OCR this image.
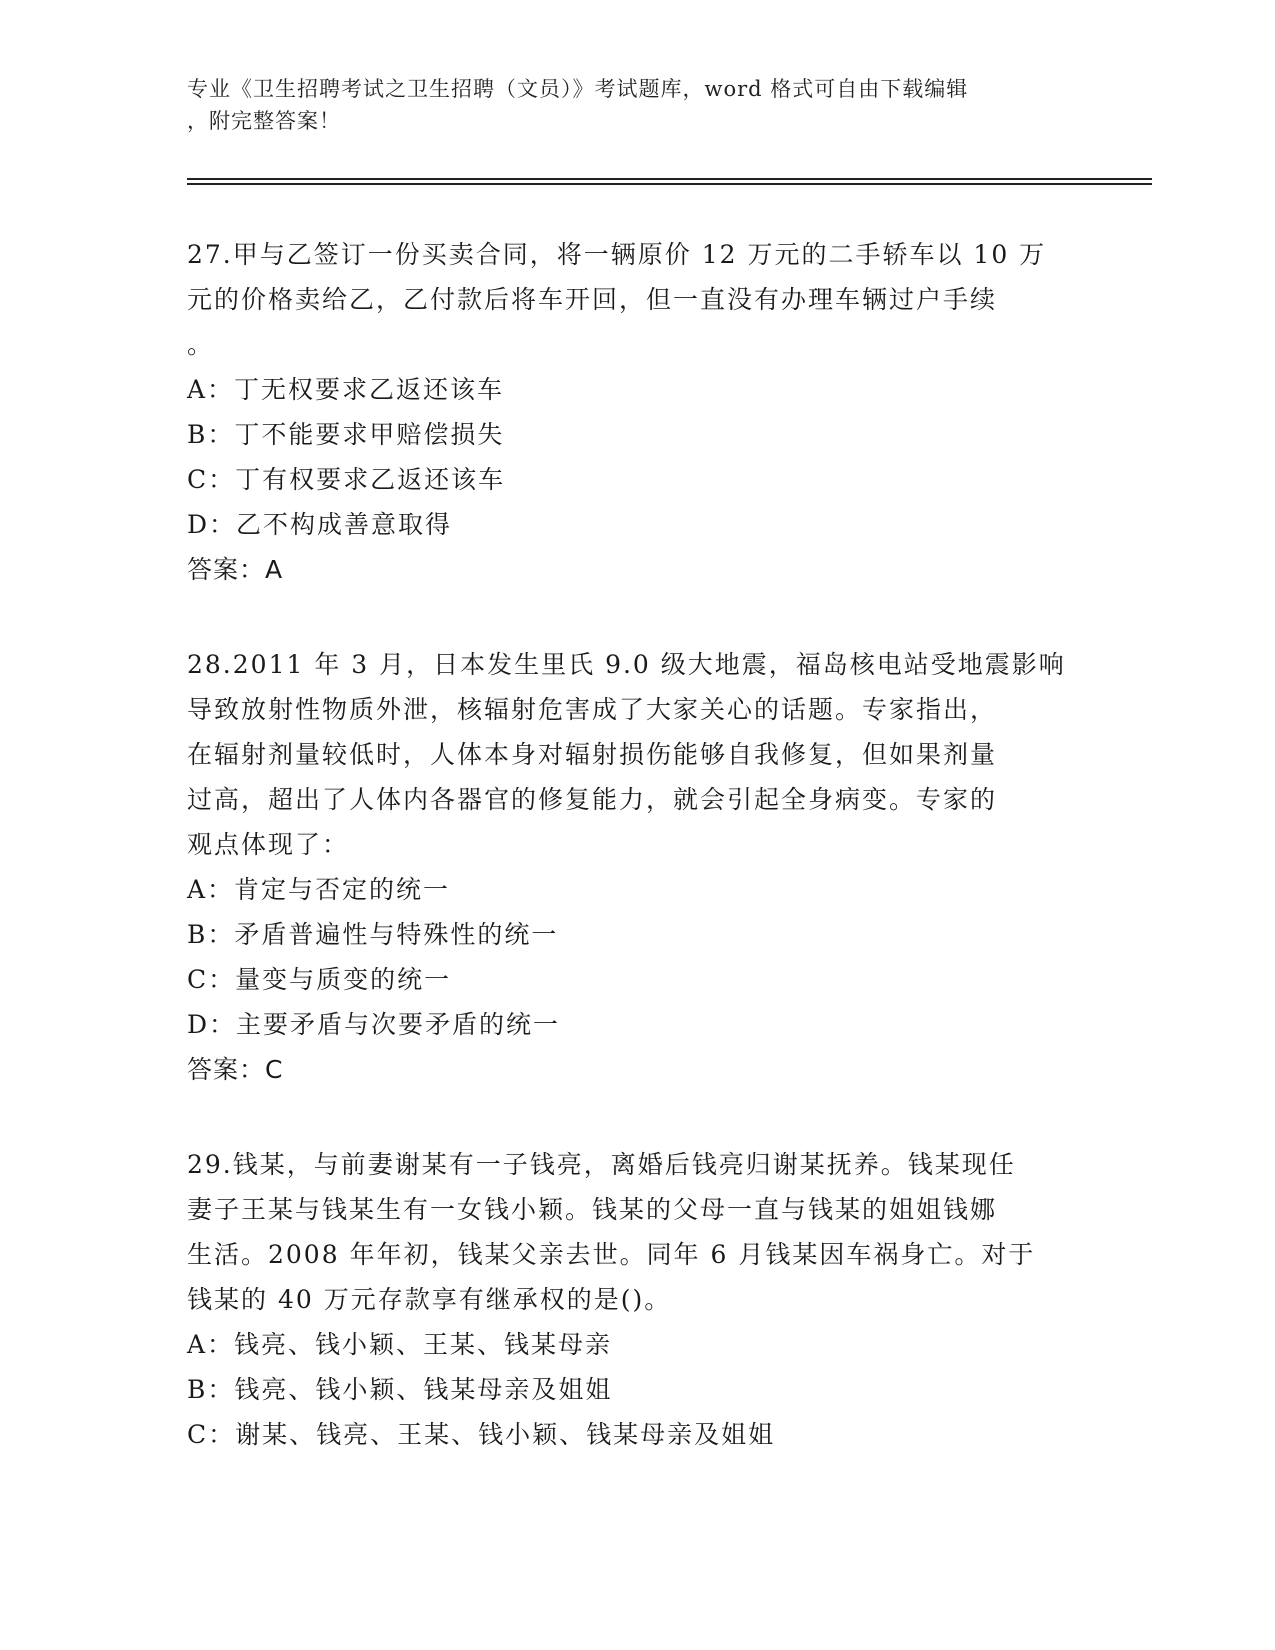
专业《卫生招聘考试之卫生招聘（文员）》考试题库，word 格式可自由下载编辑
，附完整答案！

27.甲与乙签订一份买卖合同，将一辆原价 12 万元的二手轿车以 10 万

元的价格卖给乙，乙付款后将车开回，但一直没有办理车辆过户手续

。

A：丁无权要求乙返还该车

B：丁不能要求甲赔偿损失

C：丁有权要求乙返还该车

D：乙不构成善意取得

答案：A

28.2011 年 3 月，日本发生里氏 9.0 级大地震，福岛核电站受地震影响

导致放射性物质外泄，核辐射危害成了大家关心的话题。专家指出，

在辐射剂量较低时，人体本身对辐射损伤能够自我修复，但如果剂量

过高，超出了人体内各器官的修复能力，就会引起全身病变。专家的

观点体现了：

A：肯定与否定的统一

B：矛盾普遍性与特殊性的统一

C：量变与质变的统一

D：主要矛盾与次要矛盾的统一

答案：C

29.钱某，与前妻谢某有一子钱亮，离婚后钱亮归谢某抚养。钱某现任

妻子王某与钱某生有一女钱小颖。钱某的父母一直与钱某的姐姐钱娜

生活。2008 年年初，钱某父亲去世。同年 6 月钱某因车祸身亡。对于

钱某的 40 万元存款享有继承权的是()。

A：钱亮、钱小颖、王某、钱某母亲

B：钱亮、钱小颖、钱某母亲及姐姐

C：谢某、钱亮、王某、钱小颖、钱某母亲及姐姐
